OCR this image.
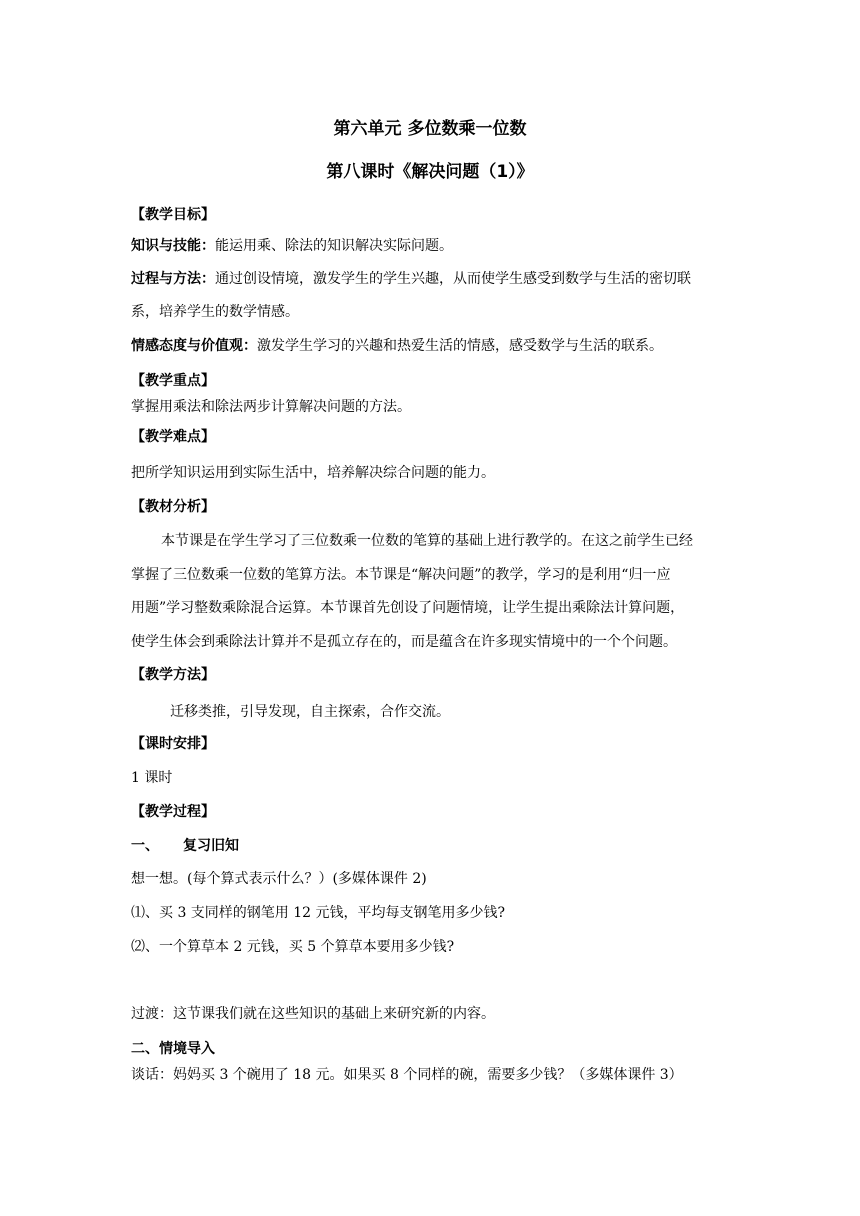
第六单元 多位数乘一位数
第八课时《解决问题（1）》
【教学目标】
知识与技能：能运用乘、除法的知识解决实际问题。
过程与方法：通过创设情境，激发学生的学生兴趣，从而使学生感受到数学与生活的密切联
系，培养学生的数学情感。
情感态度与价值观：激发学生学习的兴趣和热爱生活的情感，感受数学与生活的联系。
【教学重点】
掌握用乘法和除法两步计算解决问题的方法。
【教学难点】
把所学知识运用到实际生活中，培养解决综合问题的能力。
【教材分析】
本节课是在学生学习了三位数乘一位数的笔算的基础上进行教学的。在这之前学生已经
掌握了三位数乘一位数的笔算方法。本节课是“解决问题”的教学，学习的是利用“归一应
用题”学习整数乘除混合运算。本节课首先创设了问题情境，让学生提出乘除法计算问题，
使学生体会到乘除法计算并不是孤立存在的，而是蕴含在许多现实情境中的一个个问题。
【教学方法】
迁移类推，引导发现，自主探索，合作交流。
【课时安排】
1 课时
【教学过程】
一、 复习旧知
想一想。(每个算式表示什么？）(多媒体课件 2)
⑴、买 3 支同样的钢笔用 12 元钱，平均每支钢笔用多少钱?
⑵、一个算草本 2 元钱，买 5 个算草本要用多少钱?
过渡：这节课我们就在这些知识的基础上来研究新的内容。
二、情境导入
谈话：妈妈买 3 个碗用了 18 元。如果买 8 个同样的碗，需要多少钱？（多媒体课件 3）
